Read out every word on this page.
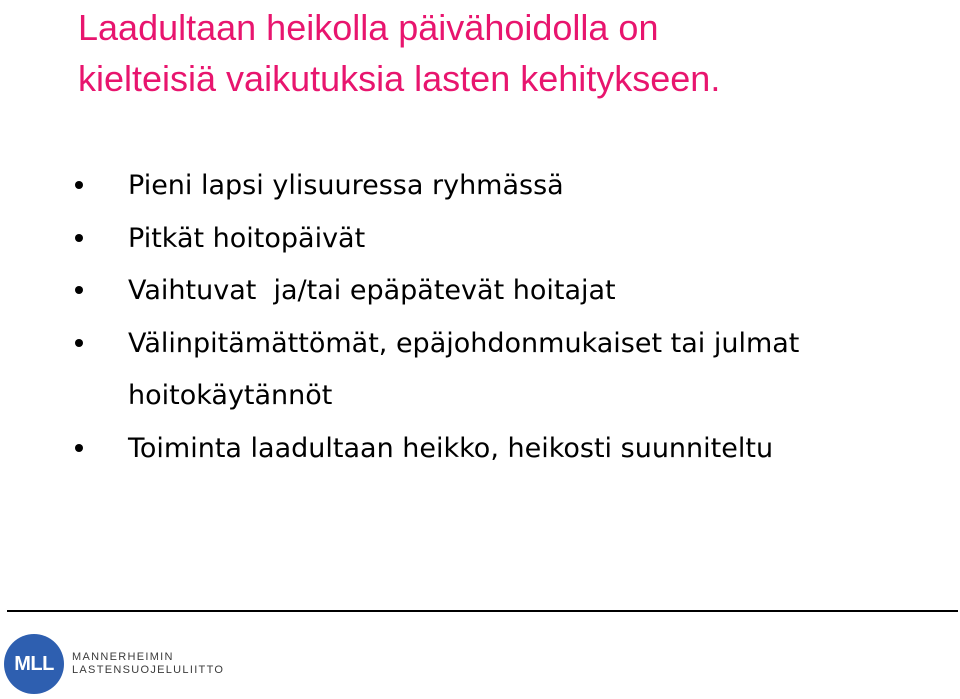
Laadultaan heikolla päivähoidolla on
kielteisiä vaikutuksia lasten kehitykseen.
Pieni lapsi ylisuuressa ryhmässä
Pitkät hoitopäivät
Vaihtuvat  ja/tai epäpätevät hoitajat
Välinpitämättömät, epäjohdonmukaiset tai julmat hoitokäytännöt
Toiminta laadultaan heikko, heikosti suunniteltu
MLL MANNERHEIMIN
LASTENSUOJELULIITTO
